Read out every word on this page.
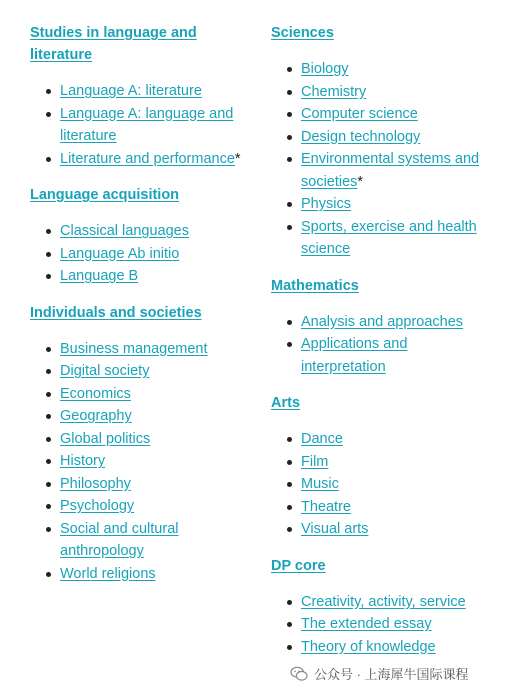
Studies in language and literature
Language A: literature
Language A: language and literature
Literature and performance*
Language acquisition
Classical languages
Language Ab initio
Language B
Individuals and societies
Business management
Digital society
Economics
Geography
Global politics
History
Philosophy
Psychology
Social and cultural anthropology
World religions
Sciences
Biology
Chemistry
Computer science
Design technology
Environmental systems and societies*
Physics
Sports, exercise and health science
Mathematics
Analysis and approaches
Applications and interpretation
Arts
Dance
Film
Music
Theatre
Visual arts
DP core
Creativity, activity, service
The extended essay
Theory of knowledge
公众号 · 上海犀牛国际课程
